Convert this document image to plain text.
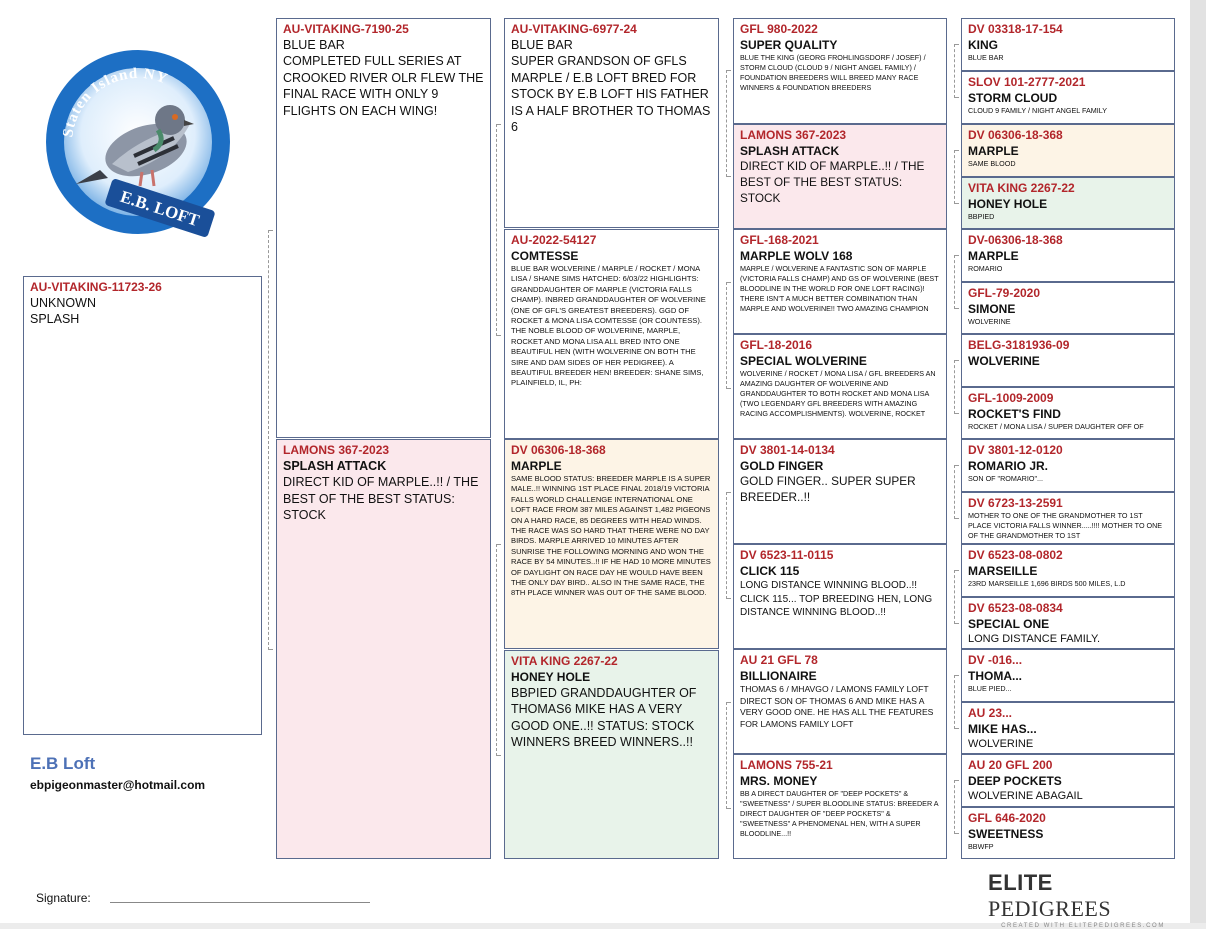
Staten Island NY
E.B. LOFT
AU-VITAKING-11723-26
UNKNOWN
SPLASH
AU-VITAKING-7190-25
BLUE BAR
COMPLETED FULL SERIES AT CROOKED RIVER OLR FLEW THE FINAL RACE WITH ONLY 9 FLIGHTS ON EACH WING!
LAMONS 367-2023
SPLASH ATTACK
DIRECT KID OF MARPLE..!! / THE BEST OF THE BEST STATUS: STOCK
AU-VITAKING-6977-24
BLUE BAR
SUPER GRANDSON OF GFLS MARPLE / E.B LOFT BRED FOR STOCK BY E.B LOFT HIS FATHER IS A HALF BROTHER TO THOMAS 6
AU-2022-54127
COMTESSE
BLUE BAR WOLVERINE / MARPLE / ROCKET / MONA LISA / SHANE SIMS HATCHED: 6/03/22 HIGHLIGHTS: GRANDDAUGHTER OF MARPLE (VICTORIA FALLS CHAMP). INBRED GRANDDAUGHTER OF WOLVERINE (ONE OF GFL'S GREATEST BREEDERS). GGD OF ROCKET & MONA LISA COMTESSE (OR COUNTESS). THE NOBLE BLOOD OF WOLVERINE, MARPLE, ROCKET AND MONA LISA ALL BRED INTO ONE BEAUTIFUL HEN (WITH WOLVERINE ON BOTH THE SIRE AND DAM SIDES OF HER PEDIGREE). A BEAUTIFUL BREEDER HEN! BREEDER: SHANE SIMS, PLAINFIELD, IL, PH:
DV 06306-18-368
MARPLE
SAME BLOOD STATUS: BREEDER MARPLE IS A SUPER MALE..!! WINNING 1ST PLACE FINAL 2018/19 VICTORIA FALLS WORLD CHALLENGE INTERNATIONAL ONE LOFT RACE FROM 387 MILES AGAINST 1,482 PIGEONS ON A HARD RACE, 85 DEGREES WITH HEAD WINDS. THE RACE WAS SO HARD THAT THERE WERE NO DAY BIRDS. MARPLE ARRIVED 10 MINUTES AFTER SUNRISE THE FOLLOWING MORNING AND WON THE RACE BY 54 MINUTES..!! IF HE HAD 10 MORE MINUTES OF DAYLIGHT ON RACE DAY HE WOULD HAVE BEEN THE ONLY DAY BIRD.. ALSO IN THE SAME RACE, THE 8TH PLACE WINNER WAS OUT OF THE SAME BLOOD.
VITA KING 2267-22
HONEY HOLE
BBPIED GRANDDAUGHTER OF THOMAS6 MIKE HAS A VERY GOOD ONE..!! STATUS: STOCK WINNERS BREED WINNERS..!!
GFL 980-2022
SUPER QUALITY
BLUE THE KING (GEORG FROHLINGSDORF / JOSEF) / STORM CLOUD (CLOUD 9 / NIGHT ANGEL FAMILY) / FOUNDATION BREEDERS WILL BREED MANY RACE WINNERS & FOUNDATION BREEDERS
LAMONS 367-2023
SPLASH ATTACK
DIRECT KID OF MARPLE..!! / THE BEST OF THE BEST STATUS: STOCK
GFL-168-2021
MARPLE WOLV 168
MARPLE / WOLVERINE A FANTASTIC SON OF MARPLE (VICTORIA FALLS CHAMP) AND GS OF WOLVERINE (BEST BLOODLINE IN THE WORLD FOR ONE LOFT RACING)! THERE ISN'T A MUCH BETTER COMBINATION THAN MARPLE AND WOLVERINE!! TWO AMAZING CHAMPION
GFL-18-2016
SPECIAL WOLVERINE
WOLVERINE / ROCKET / MONA LISA / GFL BREEDERS AN AMAZING DAUGHTER OF WOLVERINE AND GRANDDAUGHTER TO BOTH ROCKET AND MONA LISA (TWO LEGENDARY GFL BREEDERS WITH AMAZING RACING ACCOMPLISHMENTS). WOLVERINE, ROCKET
DV 3801-14-0134
GOLD FINGER
GOLD FINGER.. SUPER SUPER BREEDER..!!
DV 6523-11-0115
CLICK 115
LONG DISTANCE WINNING BLOOD..!! CLICK 115... TOP BREEDING HEN, LONG DISTANCE WINNING BLOOD..!!
AU 21 GFL 78
BILLIONAIRE
THOMAS 6 / MHAVGO / LAMONS FAMILY LOFT DIRECT SON OF THOMAS 6 AND MIKE HAS A VERY GOOD ONE. HE HAS ALL THE FEATURES FOR LAMONS FAMILY LOFT
LAMONS 755-21
MRS. MONEY
BB A DIRECT DAUGHTER OF "DEEP POCKETS" & "SWEETNESS" / SUPER BLOODLINE STATUS: BREEDER A DIRECT DAUGHTER OF "DEEP POCKETS" & "SWEETNESS" A PHENOMENAL HEN, WITH A SUPER BLOODLINE...!!
DV 03318-17-154
KING
BLUE BAR
SLOV 101-2777-2021
STORM CLOUD
CLOUD 9 FAMILY / NIGHT ANGEL FAMILY
DV 06306-18-368
MARPLE
SAME BLOOD
VITA KING 2267-22
HONEY HOLE
BBPIED
DV-06306-18-368
MARPLE
ROMARIO
GFL-79-2020
SIMONE
WOLVERINE
BELG-3181936-09
WOLVERINE
GFL-1009-2009
ROCKET'S FIND
ROCKET / MONA LISA / SUPER DAUGHTER OFF OF
DV 3801-12-0120
ROMARIO JR.
SON OF "ROMARIO"...
DV 6723-13-2591
MOTHER TO ONE OF THE GRANDMOTHER TO 1ST PLACE VICTORIA FALLS WINNER.....!!!! MOTHER TO ONE OF THE GRANDMOTHER TO 1ST
DV 6523-08-0802
MARSEILLE
23RD MARSEILLE 1,696 BIRDS 500 MILES, L.D
DV 6523-08-0834
SPECIAL ONE
LONG DISTANCE FAMILY.
DV -016...
THOMA...
BLUE PIED...
AU 23...
MIKE HAS...
WOLVERINE
AU 20 GFL 200
DEEP POCKETS
WOLVERINE ABAGAIL
GFL 646-2020
SWEETNESS
BBWFP
E.B Loft
ebpigeonmaster@hotmail.com
Signature:
ELITE PEDIGREES
CREATED WITH ELITEPEDIGREES.COM
